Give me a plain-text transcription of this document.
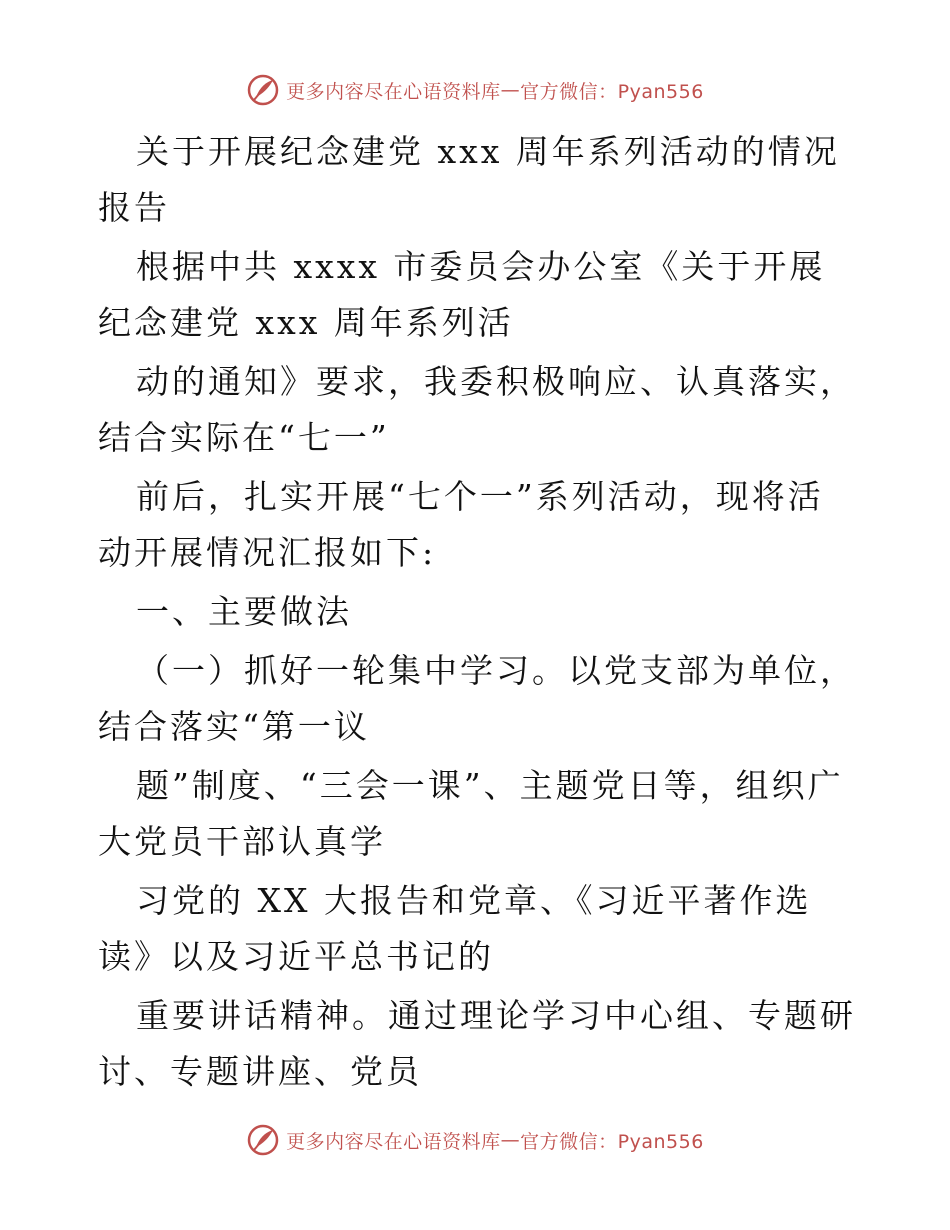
更多内容尽在心语资料库 — 官方微信：Pyan556

关于开展纪念建党 xxx 周年系列活动的情况报告

根据中共 xxxx 市委员会办公室《关于开展纪念建党 xxx 周年系列活

动的通知》要求，我委积极响应、认真落实，结合实际在“七一”

前后，扎实开展“七个一”系列活动，现将活动开展情况汇报如下:

一、主要做法

（一）抓好一轮集中学习。以党支部为单位，结合落实“第一议

题”制度、“三会一课”、主题党日等，组织广大党员干部认真学

习党的 XX 大报告和党章、《习近平著作选读》以及习近平总书记的

重要讲话精神。通过理论学习中心组、专题研讨、专题讲座、党员

更多内容尽在心语资料库 — 官方微信：Pyan556
